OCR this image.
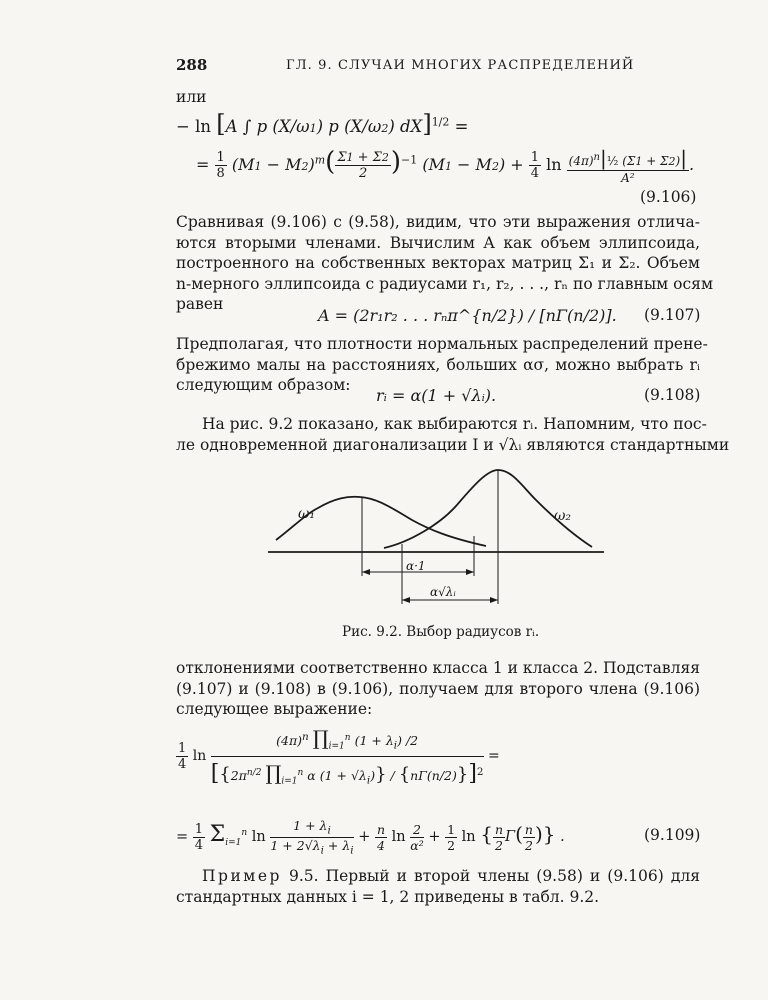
288	ГЛ. 9. СЛУЧАИ МНОГИХ РАСПРЕДЕЛЕНИЙ
или
− ln [A ∫ p (X/ω1) p (X/ω2) dX]$^{1/2}$ =
= $\frac{1}{8} (M1 - M2)^т( \frac{\Sigma 1 + \Sigma 2}{2} )^{-1}$ $(M1 - M2) + \frac{1}{4}$ $\ln \frac{(4\pi)^n|\frac{1}{2} (\Sigma 1 + \Sigma 2)|}{\text{A²}}$ .
(9.106)
Сравнивая (9.106) с (9.58), видим, что эти выражения отлича-
ются вторыми членами. Вычислим A как объем эллипсоида,
построенного на собственных векторах матриц Σ₁ и Σ₂. Объем
n-мерного эллипсоида с радиусами r₁, r₂, . . ., rₙ по главным осям
равен
A = (2r₁r₂ . . . rₙπ^{n/2}) / [nΓ(n/2)]. (9.107)
Предполагая, что плотности нормальных распределений прене-
брежимо малы на расстояниях, больших ασ, можно выбрать rᵢ
следующим образом:
rᵢ = α(1 + √λᵢ).	(9.108)
На рис. 9.2 показано, как выбираются rᵢ. Напомним, что пос-
ле одновременной диагонализации I и √λᵢ являются стандартными
ω₁	ω₂
α·1
α√λᵢ
Рис. 9.2. Выбор радиусов rᵢ.
отклонениями соответственно класса 1 и класса 2. Подставляя
(9.107) и (9.108) в (9.106), получаем для второго члена (9.106)
следующее выражение:
$\frac{1}{4}$ $\ln \frac{(4\pi)^n \prod_{i=1}^n (1 + \lambda_i) /2}{[\{2\pi^{n/2} \prod_{i=1}^n \alpha (1 + √\lambda_i)\} / \{n\Gamma(n/2)\}]^2}$ =
= $\frac{1}{4} \Sigma_{i=1}^n$ $\ln \frac{1 + \lambda_i}{1 + 2√\lambda_i + \lambda_i} + \frac{n}{4}$ $\ln \frac{2}{\text{α²}} + \frac{1}{2}$ ln { $\frac{n}{2} \Gamma( \frac{n}{2}$ )} .	(9.109)
Пример 9.5. Первый и второй члены (9.58) и (9.106) для
стандартных данных i = 1, 2 приведены в табл. 9.2.
